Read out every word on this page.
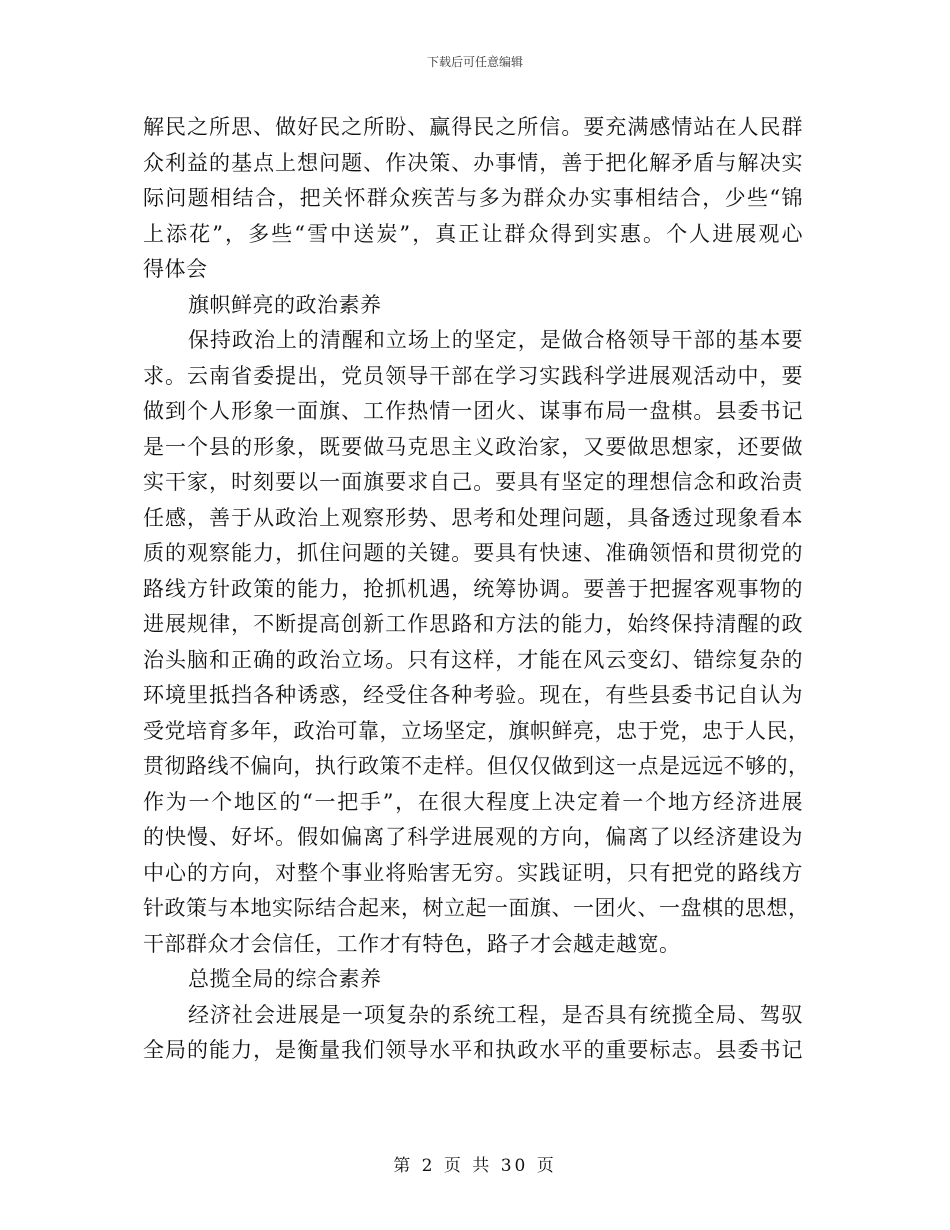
下载后可任意编辑
解民之所思、做好民之所盼、赢得民之所信。要充满感情站在人民群
众利益的基点上想问题、作决策、办事情，善于把化解矛盾与解决实
际问题相结合，把关怀群众疾苦与多为群众办实事相结合，少些“锦
上添花”，多些“雪中送炭”，真正让群众得到实惠。个人进展观心
得体会
旗帜鲜亮的政治素养
保持政治上的清醒和立场上的坚定，是做合格领导干部的基本要
求。云南省委提出，党员领导干部在学习实践科学进展观活动中，要
做到个人形象一面旗、工作热情一团火、谋事布局一盘棋。县委书记
是一个县的形象，既要做马克思主义政治家，又要做思想家，还要做
实干家，时刻要以一面旗要求自己。要具有坚定的理想信念和政治责
任感，善于从政治上观察形势、思考和处理问题，具备透过现象看本
质的观察能力，抓住问题的关键。要具有快速、准确领悟和贯彻党的
路线方针政策的能力，抢抓机遇，统筹协调。要善于把握客观事物的
进展规律，不断提高创新工作思路和方法的能力，始终保持清醒的政
治头脑和正确的政治立场。只有这样，才能在风云变幻、错综复杂的
环境里抵挡各种诱惑，经受住各种考验。现在，有些县委书记自认为
受党培育多年，政治可靠，立场坚定，旗帜鲜亮，忠于党，忠于人民，
贯彻路线不偏向，执行政策不走样。但仅仅做到这一点是远远不够的，
作为一个地区的“一把手”，在很大程度上决定着一个地方经济进展
的快慢、好坏。假如偏离了科学进展观的方向，偏离了以经济建设为
中心的方向，对整个事业将贻害无穷。实践证明，只有把党的路线方
针政策与本地实际结合起来，树立起一面旗、一团火、一盘棋的思想，
干部群众才会信任，工作才有特色，路子才会越走越宽。
总揽全局的综合素养
经济社会进展是一项复杂的系统工程，是否具有统揽全局、驾驭
全局的能力，是衡量我们领导水平和执政水平的重要标志。县委书记
第 2 页 共 30 页
